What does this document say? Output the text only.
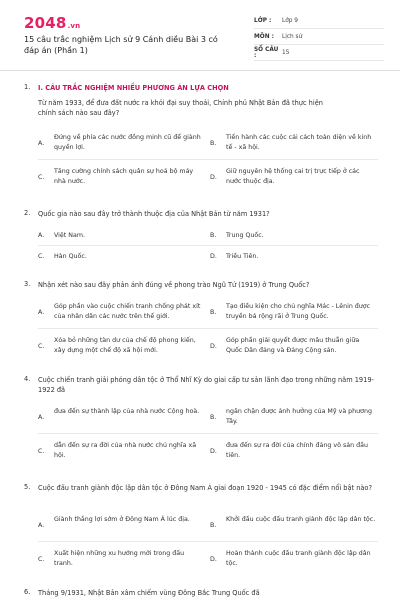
2048.vn
15 câu trắc nghiệm Lịch sử 9 Cánh diều Bài 3 có đáp án (Phần 1)
LỚP :	Lớp 9
MÔN :	Lịch sử
SỐ CÂU :	15
1. I. CÂU TRẮC NGHIỆM NHIỀU PHƯƠNG ÁN LỰA CHỌN
Từ năm 1933, để đưa đất nước ra khỏi đại suy thoái, Chính phủ Nhật Bản đã thực hiện chính sách nào sau đây?
A.
Đứng về phía các nước đồng minh cũ để giành quyền lợi.
B.
Tiến hành các cuộc cải cách toàn diện về kinh tế - xã hội.
C.
Tăng cường chính sách quân sự hoá bộ máy nhà nước.
D.
Giữ nguyên hệ thống cai trị trực tiếp ở các nước thuộc địa.
2. Quốc gia nào sau đây trở thành thuộc địa của Nhật Bản từ năm 1931?
A. Việt Nam.	B. Trung Quốc.
C. Hàn Quốc.	D. Triều Tiên.
3. Nhận xét nào sau đây phản ánh đúng về phong trào Ngũ Tứ (1919) ở Trung Quốc?
A.
Góp phần vào cuộc chiến tranh chống phát xít của nhân dân các nước trên thế giới.
B.
Tạo điều kiện cho chủ nghĩa Mác - Lênin được truyền bá rộng rãi ở Trung Quốc.
C.
Xóa bỏ những tàn dư của chế độ phong kiến, xây dựng một chế độ xã hội mới.
D.
Góp phần giải quyết được mâu thuẫn giữa Quốc Dân đảng và Đảng Cộng sản.
4. Cuộc chiến tranh giải phóng dân tộc ở Thổ Nhĩ Kỳ do giai cấp tư sản lãnh đạo trong những năm 1919-1922 đã
A.
đưa đến sự thành lập của nhà nước Cộng hoà.
B.
ngăn chặn được ảnh hưởng của Mỹ và phương Tây.
C.
dẫn đến sự ra đời của nhà nước chủ nghĩa xã hội.
D.
đưa đến sự ra đời của chính đảng vô sản đầu tiên.
5. Cuộc đấu tranh giành độc lập dân tộc ở Đông Nam Á giai đoạn 1920 - 1945 có đặc điểm nổi bật nào?
A.
Giành thắng lợi sớm ở Đông Nam Á lúc địa.
B.
Khởi đầu cuộc đấu tranh giành độc lập dân tộc.
C.
Xuất hiện những xu hướng mới trong đấu tranh.
D.
Hoàn thành cuộc đấu tranh giành độc lập dân tộc.
6. Tháng 9/1931, Nhật Bản xâm chiếm vùng Đông Bắc Trung Quốc đã
